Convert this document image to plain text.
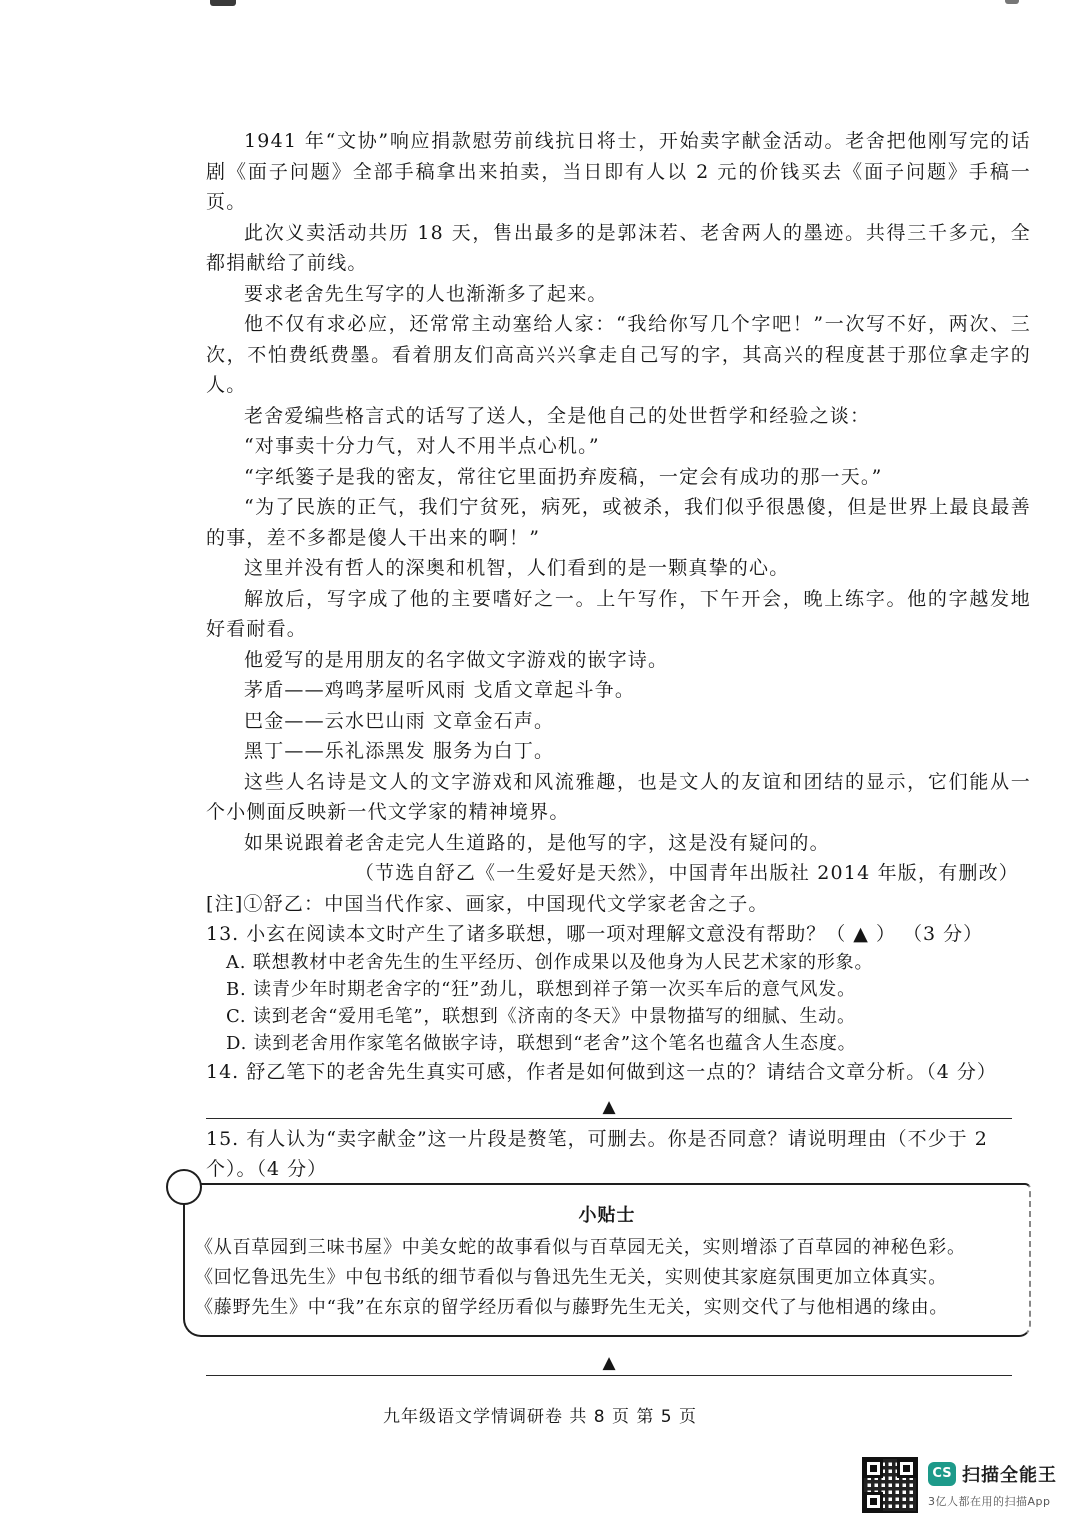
1941 年“文协”响应捐款慰劳前线抗日将士，开始卖字献金活动。老舍把他刚写完的话剧《面子问题》全部手稿拿出来拍卖，当日即有人以 2 元的价钱买去《面子问题》手稿一页。

此次义卖活动共历 18 天，售出最多的是郭沫若、老舍两人的墨迹。共得三千多元，全都捐献给了前线。

要求老舍先生写字的人也渐渐多了起来。

他不仅有求必应，还常常主动塞给人家：“我给你写几个字吧！”一次写不好，两次、三次，不怕费纸费墨。看着朋友们高高兴兴拿走自己写的字，其高兴的程度甚于那位拿走字的人。

老舍爱编些格言式的话写了送人，全是他自己的处世哲学和经验之谈：

“对事卖十分力气，对人不用半点心机。”

“字纸篓子是我的密友，常往它里面扔弃废稿，一定会有成功的那一天。”

“为了民族的正气，我们宁贫死，病死，或被杀，我们似乎很愚傻，但是世界上最良最善的事，差不多都是傻人干出来的啊！”

这里并没有哲人的深奥和机智，人们看到的是一颗真挚的心。

解放后，写字成了他的主要嗜好之一。上午写作，下午开会，晚上练字。他的字越发地好看耐看。

他爱写的是用朋友的名字做文字游戏的嵌字诗。

茅盾——鸡鸣茅屋听风雨 戈盾文章起斗争。

巴金——云水巴山雨 文章金石声。

黑丁——乐礼添黑发 服务为白丁。

这些人名诗是文人的文字游戏和风流雅趣，也是文人的友谊和团结的显示，它们能从一个小侧面反映新一代文学家的精神境界。

如果说跟着老舍走完人生道路的，是他写的字，这是没有疑问的。

（节选自舒乙《一生爱好是天然》，中国青年出版社 2014 年版，有删改）

[注]①舒乙：中国当代作家、画家，中国现代文学家老舍之子。

13. 小玄在阅读本文时产生了诸多联想，哪一项对理解文意没有帮助？（ ▲ ） （3 分）

A. 联想教材中老舍先生的生平经历、创作成果以及他身为人民艺术家的形象。

B. 读青少年时期老舍字的“狂”劲儿，联想到祥子第一次买车后的意气风发。

C. 读到老舍“爱用毛笔”，联想到《济南的冬天》中景物描写的细腻、生动。

D. 读到老舍用作家笔名做嵌字诗，联想到“老舍”这个笔名也蕴含人生态度。

14. 舒乙笔下的老舍先生真实可感，作者是如何做到这一点的？请结合文章分析。（4 分）

▲

15. 有人认为“卖字献金”这一片段是赘笔，可删去。你是否同意？请说明理由（不少于 2 个）。（4 分）

小贴士
《从百草园到三味书屋》中美女蛇的故事看似与百草园无关，实则增添了百草园的神秘色彩。
《回忆鲁迅先生》中包书纸的细节看似与鲁迅先生无关，实则使其家庭氛围更加立体真实。
《藤野先生》中“我”在东京的留学经历看似与藤野先生无关，实则交代了与他相遇的缘由。
▲
九年级语文学情调研卷 共 8 页 第 5 页
CS 扫描全能王
3亿人都在用的扫描App
